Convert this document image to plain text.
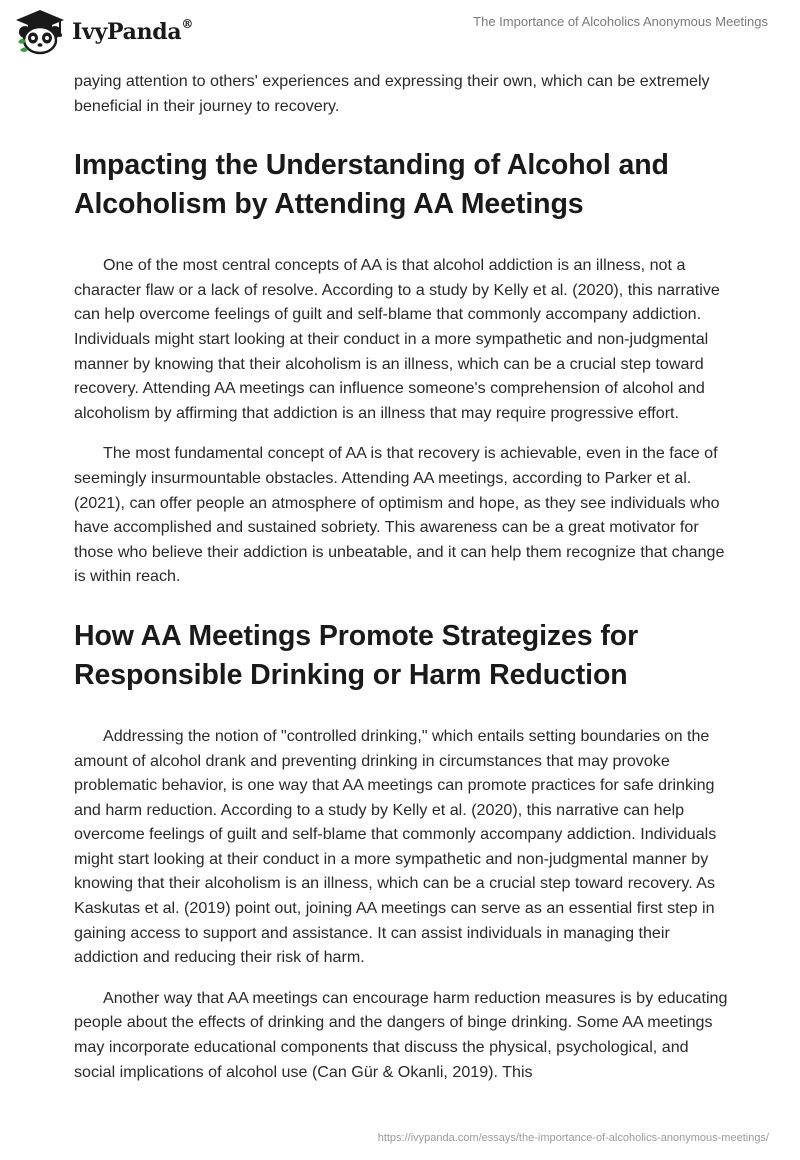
IvyPanda®	The Importance of Alcoholics Anonymous Meetings

paying attention to others' experiences and expressing their own, which can be extremely beneficial in their journey to recovery.

Impacting the Understanding of Alcohol and Alcoholism by Attending AA Meetings

One of the most central concepts of AA is that alcohol addiction is an illness, not a character flaw or a lack of resolve. According to a study by Kelly et al. (2020), this narrative can help overcome feelings of guilt and self-blame that commonly accompany addiction. Individuals might start looking at their conduct in a more sympathetic and non-judgmental manner by knowing that their alcoholism is an illness, which can be a crucial step toward recovery. Attending AA meetings can influence someone's comprehension of alcohol and alcoholism by affirming that addiction is an illness that may require progressive effort.

The most fundamental concept of AA is that recovery is achievable, even in the face of seemingly insurmountable obstacles. Attending AA meetings, according to Parker et al. (2021), can offer people an atmosphere of optimism and hope, as they see individuals who have accomplished and sustained sobriety. This awareness can be a great motivator for those who believe their addiction is unbeatable, and it can help them recognize that change is within reach.

How AA Meetings Promote Strategizes for Responsible Drinking or Harm Reduction

Addressing the notion of "controlled drinking," which entails setting boundaries on the amount of alcohol drank and preventing drinking in circumstances that may provoke problematic behavior, is one way that AA meetings can promote practices for safe drinking and harm reduction. According to a study by Kelly et al. (2020), this narrative can help overcome feelings of guilt and self-blame that commonly accompany addiction. Individuals might start looking at their conduct in a more sympathetic and non-judgmental manner by knowing that their alcoholism is an illness, which can be a crucial step toward recovery. As Kaskutas et al. (2019) point out, joining AA meetings can serve as an essential first step in gaining access to support and assistance. It can assist individuals in managing their addiction and reducing their risk of harm.

Another way that AA meetings can encourage harm reduction measures is by educating people about the effects of drinking and the dangers of binge drinking. Some AA meetings may incorporate educational components that discuss the physical, psychological, and social implications of alcohol use (Can Gür & Okanli, 2019). This

https://ivypanda.com/essays/the-importance-of-alcoholics-anonymous-meetings/
